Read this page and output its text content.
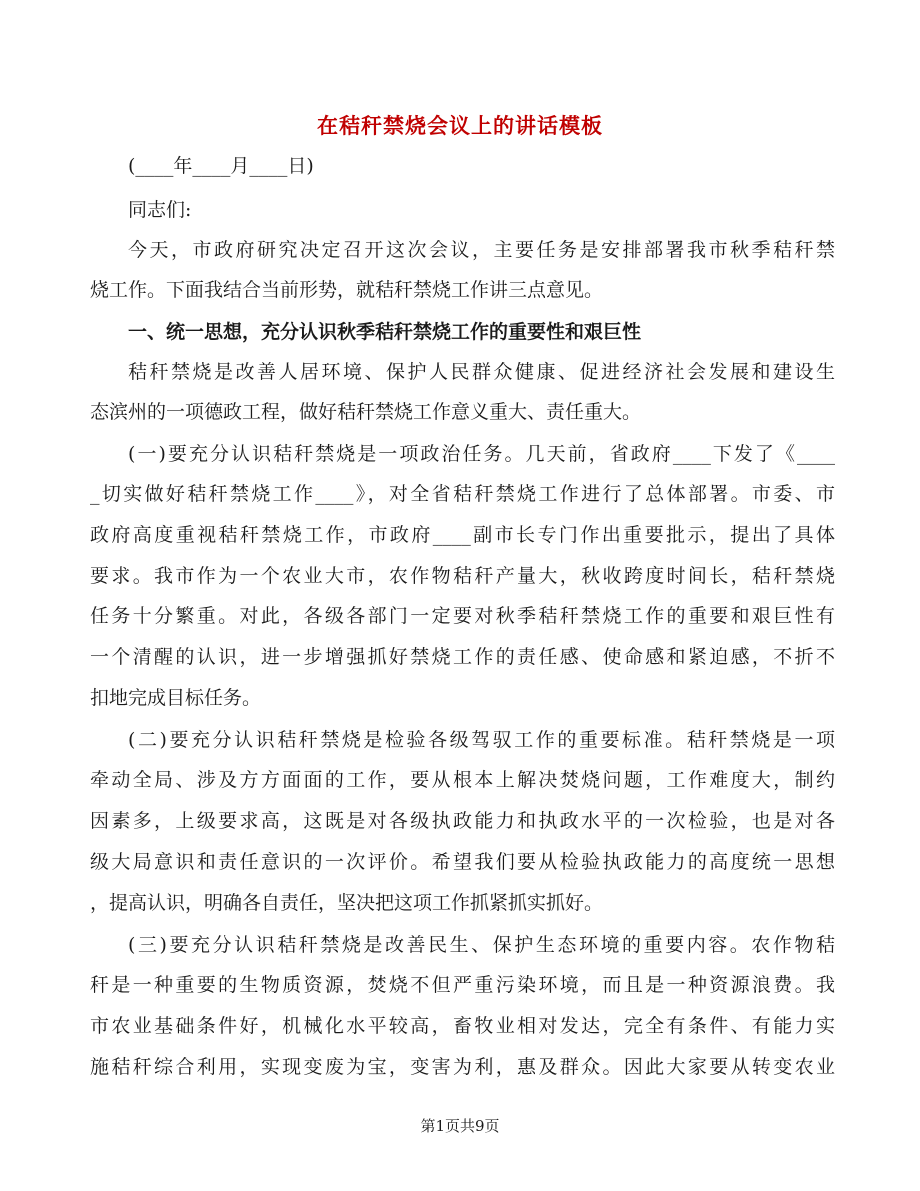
在秸秆禁烧会议上的讲话模板
(____年____月____日)
同志们:
今天，市政府研究决定召开这次会议，主要任务是安排部署我市秋季秸秆禁
烧工作。下面我结合当前形势，就秸秆禁烧工作讲三点意见。
一、统一思想，充分认识秋季秸秆禁烧工作的重要性和艰巨性
秸秆禁烧是改善人居环境、保护人民群众健康、促进经济社会发展和建设生
态滨州的一项德政工程，做好秸秆禁烧工作意义重大、责任重大。
(一)要充分认识秸秆禁烧是一项政治任务。几天前，省政府____下发了《____
_切实做好秸秆禁烧工作____》，对全省秸秆禁烧工作进行了总体部署。市委、市
政府高度重视秸秆禁烧工作，市政府____副市长专门作出重要批示，提出了具体
要求。我市作为一个农业大市，农作物秸秆产量大，秋收跨度时间长，秸秆禁烧
任务十分繁重。对此，各级各部门一定要对秋季秸秆禁烧工作的重要和艰巨性有
一个清醒的认识，进一步增强抓好禁烧工作的责任感、使命感和紧迫感，不折不
扣地完成目标任务。
(二)要充分认识秸秆禁烧是检验各级驾驭工作的重要标准。秸秆禁烧是一项
牵动全局、涉及方方面面的工作，要从根本上解决焚烧问题，工作难度大，制约
因素多，上级要求高，这既是对各级执政能力和执政水平的一次检验，也是对各
级大局意识和责任意识的一次评价。希望我们要从检验执政能力的高度统一思想
，提高认识，明确各自责任，坚决把这项工作抓紧抓实抓好。
(三)要充分认识秸秆禁烧是改善民生、保护生态环境的重要内容。农作物秸
秆是一种重要的生物质资源，焚烧不但严重污染环境，而且是一种资源浪费。我
市农业基础条件好，机械化水平较高，畜牧业相对发达，完全有条件、有能力实
施秸秆综合利用，实现变废为宝，变害为利，惠及群众。因此大家要从转变农业
第1页共9页
